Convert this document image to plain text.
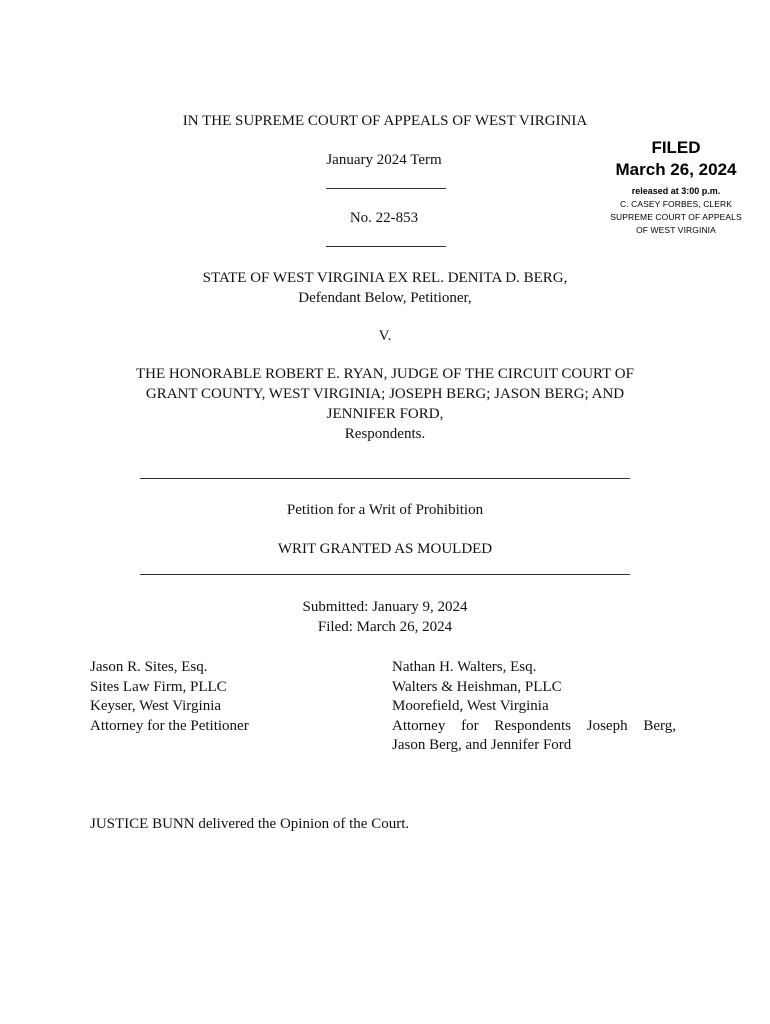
IN THE SUPREME COURT OF APPEALS OF WEST VIRGINIA
January 2024 Term
No. 22-853
FILED
March 26, 2024
released at 3:00 p.m.
C. CASEY FORBES, CLERK
SUPREME COURT OF APPEALS
OF WEST VIRGINIA
STATE OF WEST VIRGINIA EX REL. DENITA D. BERG,
Defendant Below, Petitioner,
V.
THE HONORABLE ROBERT E. RYAN, JUDGE OF THE CIRCUIT COURT OF
GRANT COUNTY, WEST VIRGINIA; JOSEPH BERG; JASON BERG; AND
JENNIFER FORD,
Respondents.
Petition for a Writ of Prohibition
WRIT GRANTED AS MOULDED
Submitted: January 9, 2024
Filed: March 26, 2024
Jason R. Sites, Esq.
Sites Law Firm, PLLC
Keyser, West Virginia
Attorney for the Petitioner
Nathan H. Walters, Esq.
Walters & Heishman, PLLC
Moorefield, West Virginia
Attorney for Respondents Joseph Berg,
Jason Berg, and Jennifer Ford
JUSTICE BUNN delivered the Opinion of the Court.
